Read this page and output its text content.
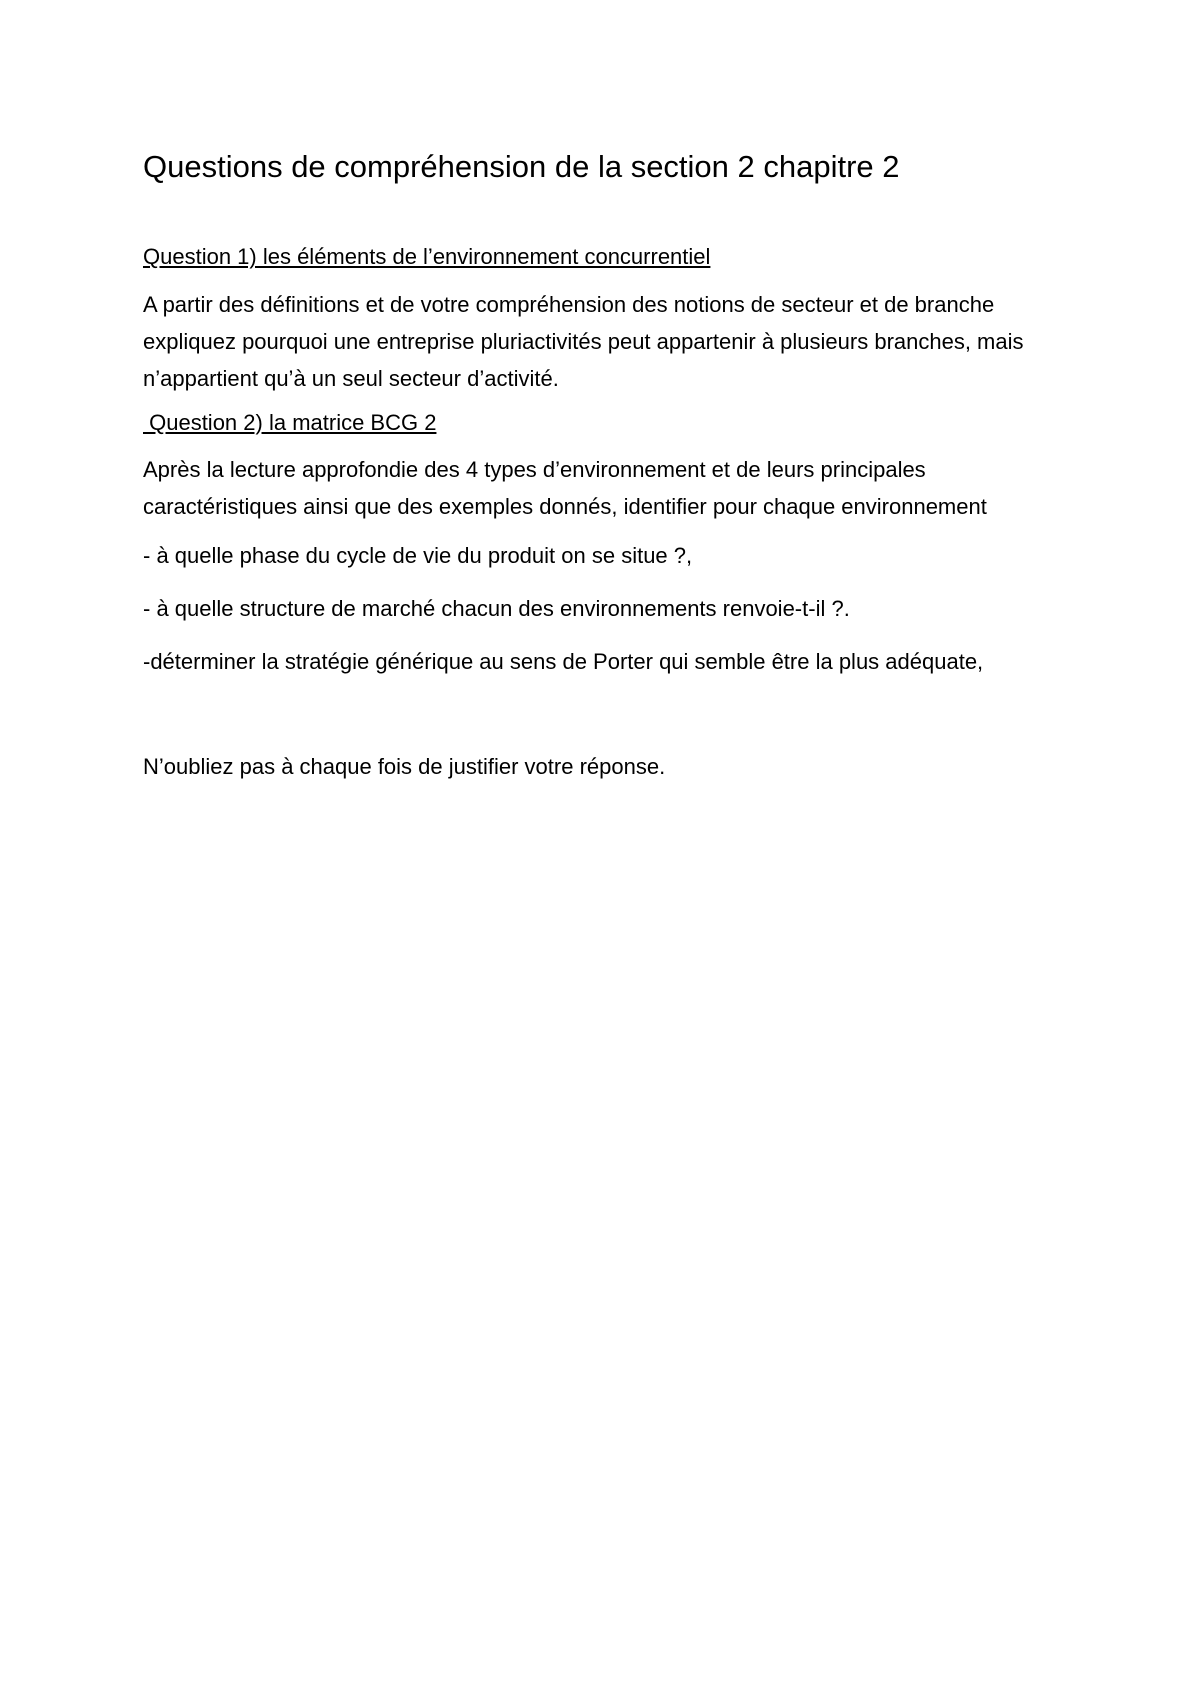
Questions de compréhension de la section 2 chapitre 2
Question 1) les éléments de l’environnement concurrentiel

A partir des définitions et de votre compréhension des notions de secteur et de branche expliquez pourquoi une entreprise pluriactivités peut appartenir à plusieurs branches, mais n’appartient qu’à un seul secteur d’activité.

Question 2) la matrice BCG 2

Après la lecture approfondie des 4 types d’environnement et de leurs principales caractéristiques ainsi que des exemples donnés, identifier pour chaque environnement

- à quelle phase du cycle de vie du produit on se situe ?,

- à quelle structure de marché chacun des environnements renvoie-t-il ?.

-déterminer la stratégie générique au sens de Porter qui semble être la plus adéquate,

N’oubliez pas à chaque fois de justifier votre réponse.
